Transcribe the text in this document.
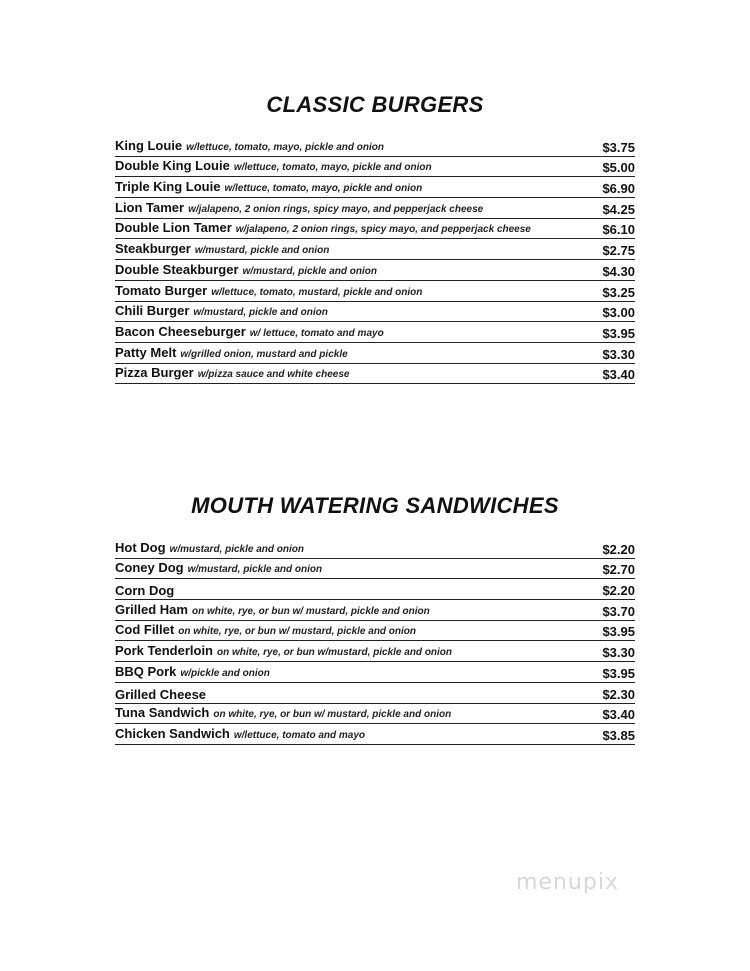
CLASSIC BURGERS
King Louie w/lettuce, tomato, mayo, pickle and onion	$3.75
Double King Louie w/lettuce, tomato, mayo, pickle and onion	$5.00
Triple King Louie w/lettuce, tomato, mayo, pickle and onion	$6.90
Lion Tamer w/jalapeno, 2 onion rings, spicy mayo, and pepperjack cheese	$4.25
Double Lion Tamer w/jalapeno, 2 onion rings, spicy mayo, and pepperjack cheese	$6.10
Steakburger w/mustard, pickle and onion	$2.75
Double Steakburger w/mustard, pickle and onion	$4.30
Tomato Burger w/lettuce, tomato, mustard, pickle and onion	$3.25
Chili Burger w/mustard, pickle and onion	$3.00
Bacon Cheeseburger w/ lettuce, tomato and mayo	$3.95
Patty Melt w/grilled onion, mustard and pickle	$3.30
Pizza Burger w/pizza sauce and white cheese	$3.40
MOUTH WATERING SANDWICHES
Hot Dog w/mustard, pickle and onion	$2.20
Coney Dog w/mustard, pickle and onion	$2.70
Corn Dog	$2.20
Grilled Ham on white, rye, or bun w/ mustard, pickle and onion	$3.70
Cod Fillet on white, rye, or bun w/ mustard, pickle and onion	$3.95
Pork Tenderloin on white, rye, or bun w/mustard, pickle and onion	$3.30
BBQ Pork w/pickle and onion	$3.95
Grilled Cheese	$2.30
Tuna Sandwich on white, rye, or bun w/ mustard, pickle and onion	$3.40
Chicken Sandwich w/lettuce, tomato and mayo	$3.85
menupix
